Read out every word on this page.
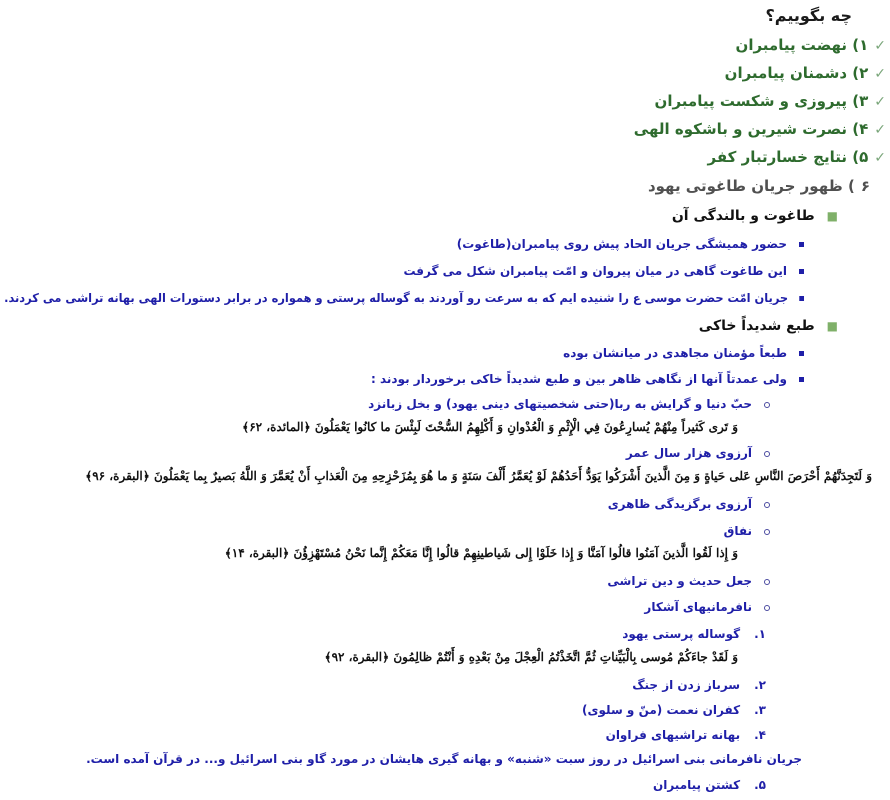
چه بگوییم؟
✓۱) نهضت پیامبران
✓۲) دشمنان پیامبران
✓۳) پیروزی و شکست پیامبران
✓۴) نصرت شیرین و باشکوه الهی
✓۵) نتایج خسارتبار کفر
۶) ظهور جریان طاغوتی یهود
■طاغوت و بالندگی آن
حضور همیشگی جریان الحاد پیش روی پیامبران(طاغوت)
این طاغوت گاهی در میان پیروان و امّت پیامبران شکل می گرفت
جریان امّت حضرت موسی ع را شنیده ایم که به سرعت رو آوردند به گوساله پرستی و همواره در برابر دستورات الهی بهانه تراشی می کردند.
■طبع شدیداً خاکی
طبعاً مؤمنان مجاهدی در میانشان بوده
ولی عمدتاً آنها از نگاهی ظاهر بین و طبع شدیداً خاکی برخوردار بودند :
حبّ دنیا و گرایش به ربا(حتی شخصیتهای دینی یهود) و بخل زبانزد
وَ تَرى‏ كَثيراً مِنْهُمْ يُسارِعُونَ فِي الْإِثْمِ وَ الْعُدْوانِ وَ أَكْلِهِمُ السُّحْتَ لَبِئْسَ ما كانُوا يَعْمَلُونَ ﴿المائدة، ۶۲﴾
آرزوی هزار سال عمر
وَ لَتَجِدَنَّهُمْ أَحْرَصَ النَّاسِ عَلى‏ حَياةٍ وَ مِنَ الَّذينَ أَشْرَكُوا يَوَدُّ أَحَدُهُمْ لَوْ يُعَمَّرُ أَلْفَ سَنَةٍ وَ ما هُوَ بِمُزَحْزِحِهِ مِنَ الْعَذابِ أَنْ يُعَمَّرَ وَ اللَّهُ بَصيرٌ بِما يَعْمَلُونَ ﴿البقرة، ۹۶﴾
آرزوی برگزیدگی ظاهری
نفاق
وَ إِذا لَقُوا الَّذينَ آمَنُوا قالُوا آمَنَّا وَ إِذا خَلَوْا إِلى‏ شَياطينِهِمْ قالُوا إِنَّا مَعَكُمْ إِنَّما نَحْنُ مُسْتَهْزِؤُنَ ﴿البقرة، ۱۴﴾
جعل حدیث و دین تراشی
نافرمانیهای آشکار
۱.گوساله پرستی یهود
وَ لَقَدْ جاءَكُمْ مُوسى‏ بِالْبَيِّناتِ ثُمَّ اتَّخَذْتُمُ الْعِجْلَ مِنْ بَعْدِهِ وَ أَنْتُمْ ظالِمُونَ ﴿البقرة، ۹۲﴾
۲.سرباز زدن از جنگ
۳.کفران نعمت (منّ و سلوی)
۴.بهانه تراشیهای فراوان
جریان نافرمانی بنی اسرائیل در روز سبت «شنبه» و بهانه گیری هایشان در مورد گاو بنی اسرائیل و... در قرآن آمده است.
۵.کشتن پیامبران
